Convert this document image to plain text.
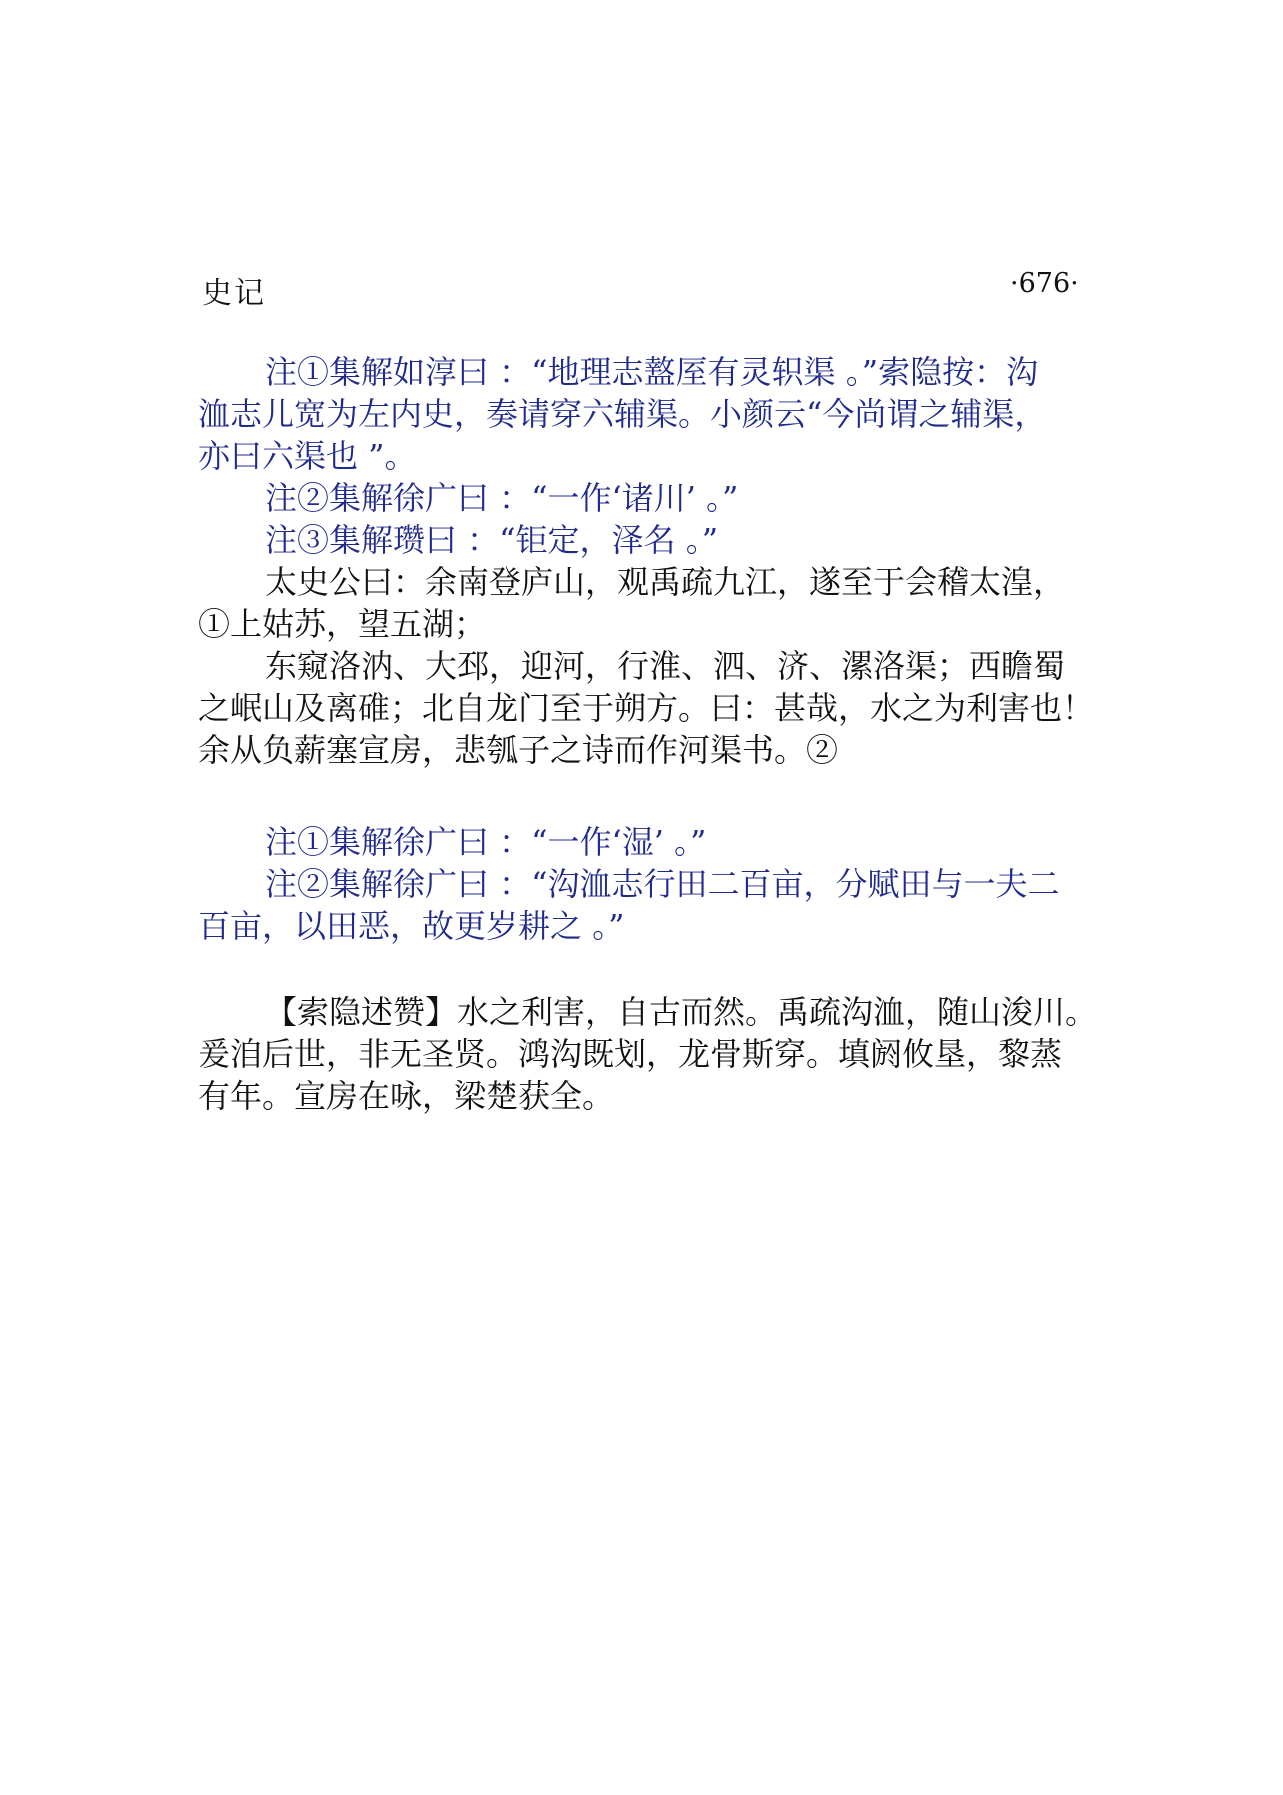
史记	·676·
注①集解如淳曰 ：“地理志盩厔有灵轵渠 。”索隐按：沟
洫志儿宽为左内史，奏请穿六辅渠。小颜云“今尚谓之辅渠，
亦曰六渠也 ”。
注②集解徐广曰 ：“一作‘诸川’ 。”
注③集解瓒曰 ：“钜定，泽名 。”
太史公曰：余南登庐山，观禹疏九江，遂至于会稽太湟，
①上姑苏，望五湖；
东窥洛汭、大邳，迎河，行淮、泗、济、漯洛渠；西瞻蜀
之岷山及离碓；北自龙门至于朔方。曰：甚哉，水之为利害也！
余从负薪塞宣房，悲瓠子之诗而作河渠书。②
注①集解徐广曰 ：“一作‘湿’ 。”
注②集解徐广曰 ：“沟洫志行田二百亩，分赋田与一夫二
百亩，以田恶，故更岁耕之 。”
【索隐述赞】水之利害，自古而然。禹疏沟洫，随山浚川。
爰洎后世，非无圣贤。鸿沟既划，龙骨斯穿。填阏攸垦，黎蒸
有年。宣房在咏，梁楚获全。
